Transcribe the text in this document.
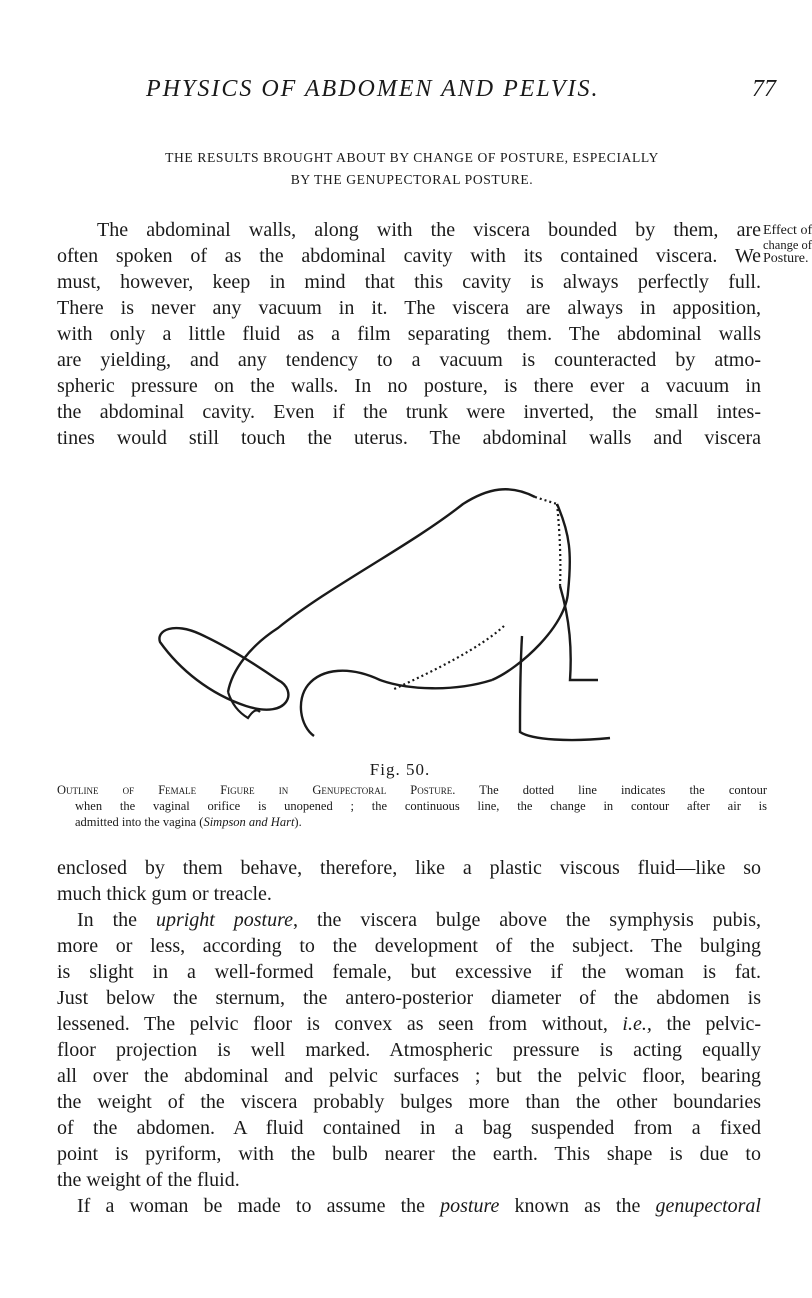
PHYSICS OF ABDOMEN AND PELVIS.	77
THE RESULTS BROUGHT ABOUT BY CHANGE OF POSTURE, ESPECIALLY
BY THE GENUPECTORAL POSTURE.
The abdominal walls, along with the viscera bounded by them, are
often spoken of as the abdominal cavity with its contained viscera. We
must, however, keep in mind that this cavity is always perfectly full.
There is never any vacuum in it. The viscera are always in apposition,
with only a little fluid as a film separating them. The abdominal walls
are yielding, and any tendency to a vacuum is counteracted by atmo-
spheric pressure on the walls. In no posture, is there ever a vacuum in
the abdominal cavity. Even if the trunk were inverted, the small intes-
tines would still touch the uterus. The abdominal walls and viscera
Effect of
change of
Posture.
Fig. 50.
Outline of Female Figure in Genupectoral Posture. The dotted line indicates the contour
when the vaginal orifice is unopened ; the continuous line, the change in contour after air is
admitted into the vagina (Simpson and Hart).
enclosed by them behave, therefore, like a plastic viscous fluid—like so
much thick gum or treacle.
In the upright posture, the viscera bulge above the symphysis pubis,
more or less, according to the development of the subject. The bulging
is slight in a well-formed female, but excessive if the woman is fat.
Just below the sternum, the antero-posterior diameter of the abdomen is
lessened. The pelvic floor is convex as seen from without, i.e., the pelvic-
floor projection is well marked. Atmospheric pressure is acting equally
all over the abdominal and pelvic surfaces ; but the pelvic floor, bearing
the weight of the viscera probably bulges more than the other boundaries
of the abdomen. A fluid contained in a bag suspended from a fixed
point is pyriform, with the bulb nearer the earth. This shape is due to
the weight of the fluid.
If a woman be made to assume the posture known as the genupectoral
